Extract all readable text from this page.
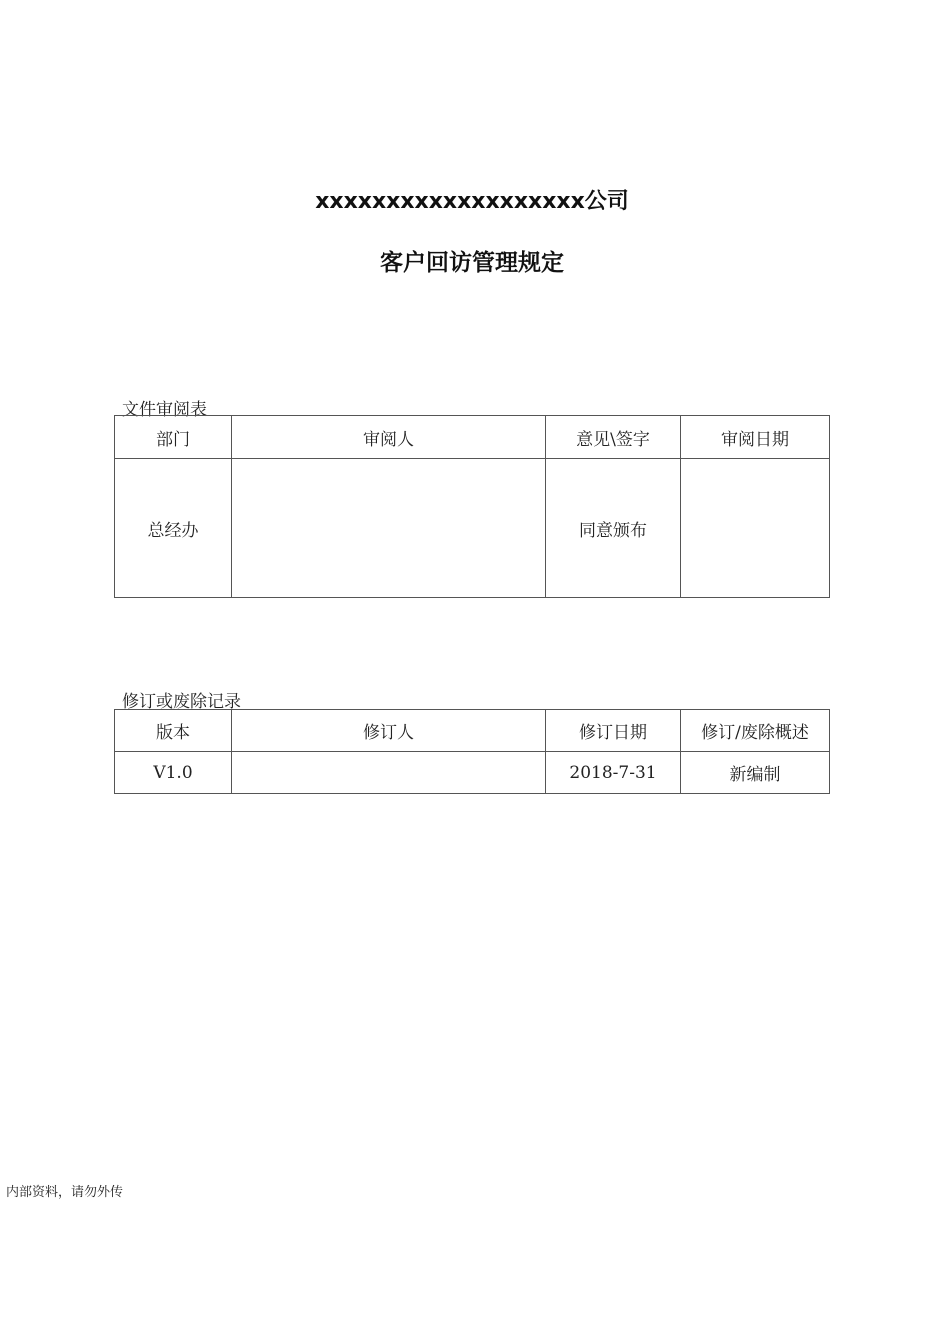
xxxxxxxxxxxxxxxxxxx公司
客户回访管理规定
文件审阅表
部门	审阅人	意见\签字	审阅日期
总经办		同意颁布	
修订或废除记录
版本	修订人	修订日期	修订/废除概述
V1.0		2018-7-31	新编制
内部资料，请勿外传
